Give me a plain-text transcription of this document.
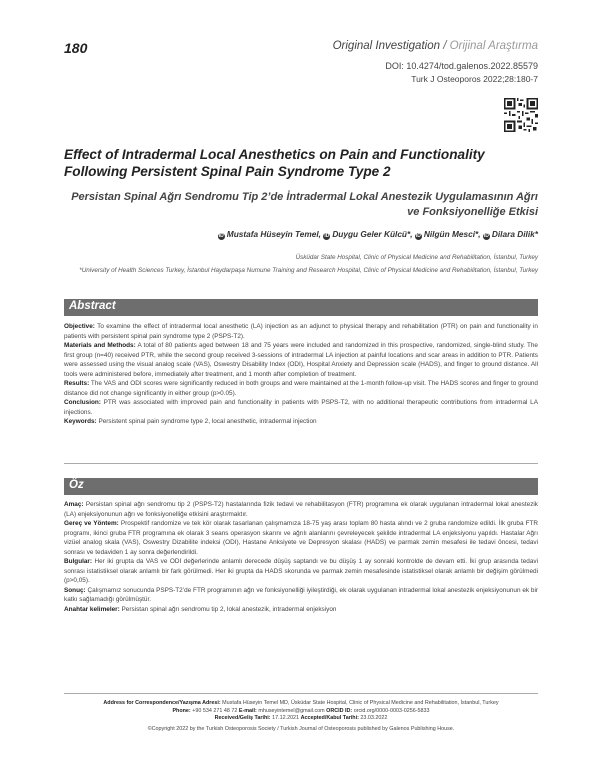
180	Original Investigation / Orijinal Araştırma
DOI: 10.4274/tod.galenos.2022.85579
Turk J Osteoporos 2022;28:180-7
Effect of Intradermal Local Anesthetics on Pain and Functionality Following Persistent Spinal Pain Syndrome Type 2
Persistan Spinal Ağrı Sendromu Tip 2’de İntradermal Lokal Anestezik Uygulamasının Ağrı ve Fonksiyonelliğe Etkisi
ID Mustafa Hüseyin Temel, ID Duygu Geler Külcü*, ID Nilgün Mesci*, ID Dilara Dilik*
Üsküdar State Hospital, Clinic of Physical Medicine and Rehabilitation, İstanbul, Turkey
*University of Health Sciences Turkey, İstanbul Haydarpaşa Numune Training and Research Hospital, Clinic of Physical Medicine and Rehabilitation, İstanbul, Turkey
Abstract

Objective: To examine the effect of intradermal local anesthetic (LA) injection as an adjunct to physical therapy and rehabilitation (PTR) on pain and functionality in patients with persistent spinal pain syndrome type 2 (PSPS-T2).

Materials and Methods: A total of 80 patients aged between 18 and 75 years were included and randomized in this prospective, randomized, single-blind study. The first group (n=40) received PTR, while the second group received 3-sessions of intradermal LA injection at painful locations and scar areas in addition to PTR. Patients were assessed using the visual analog scale (VAS), Oswestry Disability Index (ODI), Hospital Anxiety and Depression scale (HADS), and finger to ground distance. All tools were administered before, immediately after treatment, and 1 month after completion of treatment.

Results: The VAS and ODI scores were significantly reduced in both groups and were maintained at the 1-month follow-up visit. The HADS scores and finger to ground distance did not change significantly in either group (p>0.05).

Conclusion: PTR was associated with improved pain and functionality in patients with PSPS-T2, with no additional therapeutic contributions from intradermal LA injections.

Keywords: Persistent spinal pain syndrome type 2, local anesthetic, intradermal injection

Öz

Amaç: Persistan spinal ağrı sendromu tip 2 (PSPS-T2) hastalarında fizik tedavi ve rehabilitasyon (FTR) programına ek olarak uygulanan intradermal lokal anestezik (LA) enjeksiyonunun ağrı ve fonksiyonelliğe etkisini araştırmaktır.

Gereç ve Yöntem: Prospektif randomize ve tek kör olarak tasarlanan çalışmamıza 18-75 yaş arası toplam 80 hasta alındı ve 2 gruba randomize edildi. İlk gruba FTR programı, ikinci gruba FTR programına ek olarak 3 seans operasyon skarını ve ağrılı alanlarını çevreleyecek şekilde intradermal LA enjeksiyonu yapıldı. Hastalar Ağrı vizüel analog skala (VAS), Oswestry Dizabilite indeksi (ODI), Hastane Anksiyete ve Depresyon skalası (HADS) ve parmak zemin mesafesi ile tedavi öncesi, tedavi sonrası ve tedaviden 1 ay sonra değerlendirildi.

Bulgular: Her iki grupta da VAS ve ODI değerlerinde anlamlı derecede düşüş saptandı ve bu düşüş 1 ay sonraki kontrolde de devam etti. İki grup arasında tedavi sonrası istatistiksel olarak anlamlı bir fark görülmedi. Her iki grupta da HADS skorunda ve parmak zemin mesafesinde istatistiksel olarak anlamlı bir değişim görülmedi (p>0,05).

Sonuç: Çalışmamız sonucunda PSPS-T2’de FTR programının ağrı ve fonksiyonelliği iyileştirdiği, ek olarak uygulanan intradermal lokal anestezik enjeksiyonunun ek bir katkı sağlamadığı görülmüştür.

Anahtar kelimeler: Persistan spinal ağrı sendromu tip 2, lokal anestezik, intradermal enjeksiyon

Address for Correspondence/Yazışma Adresi: Mustafa Hüseyin Temel MD, Üsküdar State Hospital, Clinic of Physical Medicine and Rehabilitation, İstanbul, Turkey
Phone: +90 534 271 48 72 E-mail: mhuseyintemel@gmail.com ORCID ID: orcid.org/0000-0003-0256-5833
Received/Geliş Tarihi: 17.12.2021 Accepted/Kabul Tarihi: 23.03.2022
©Copyright 2022 by the Turkish Osteoporosis Society / Turkish Journal of Osteoporosis published by Galenos Publishing House.
